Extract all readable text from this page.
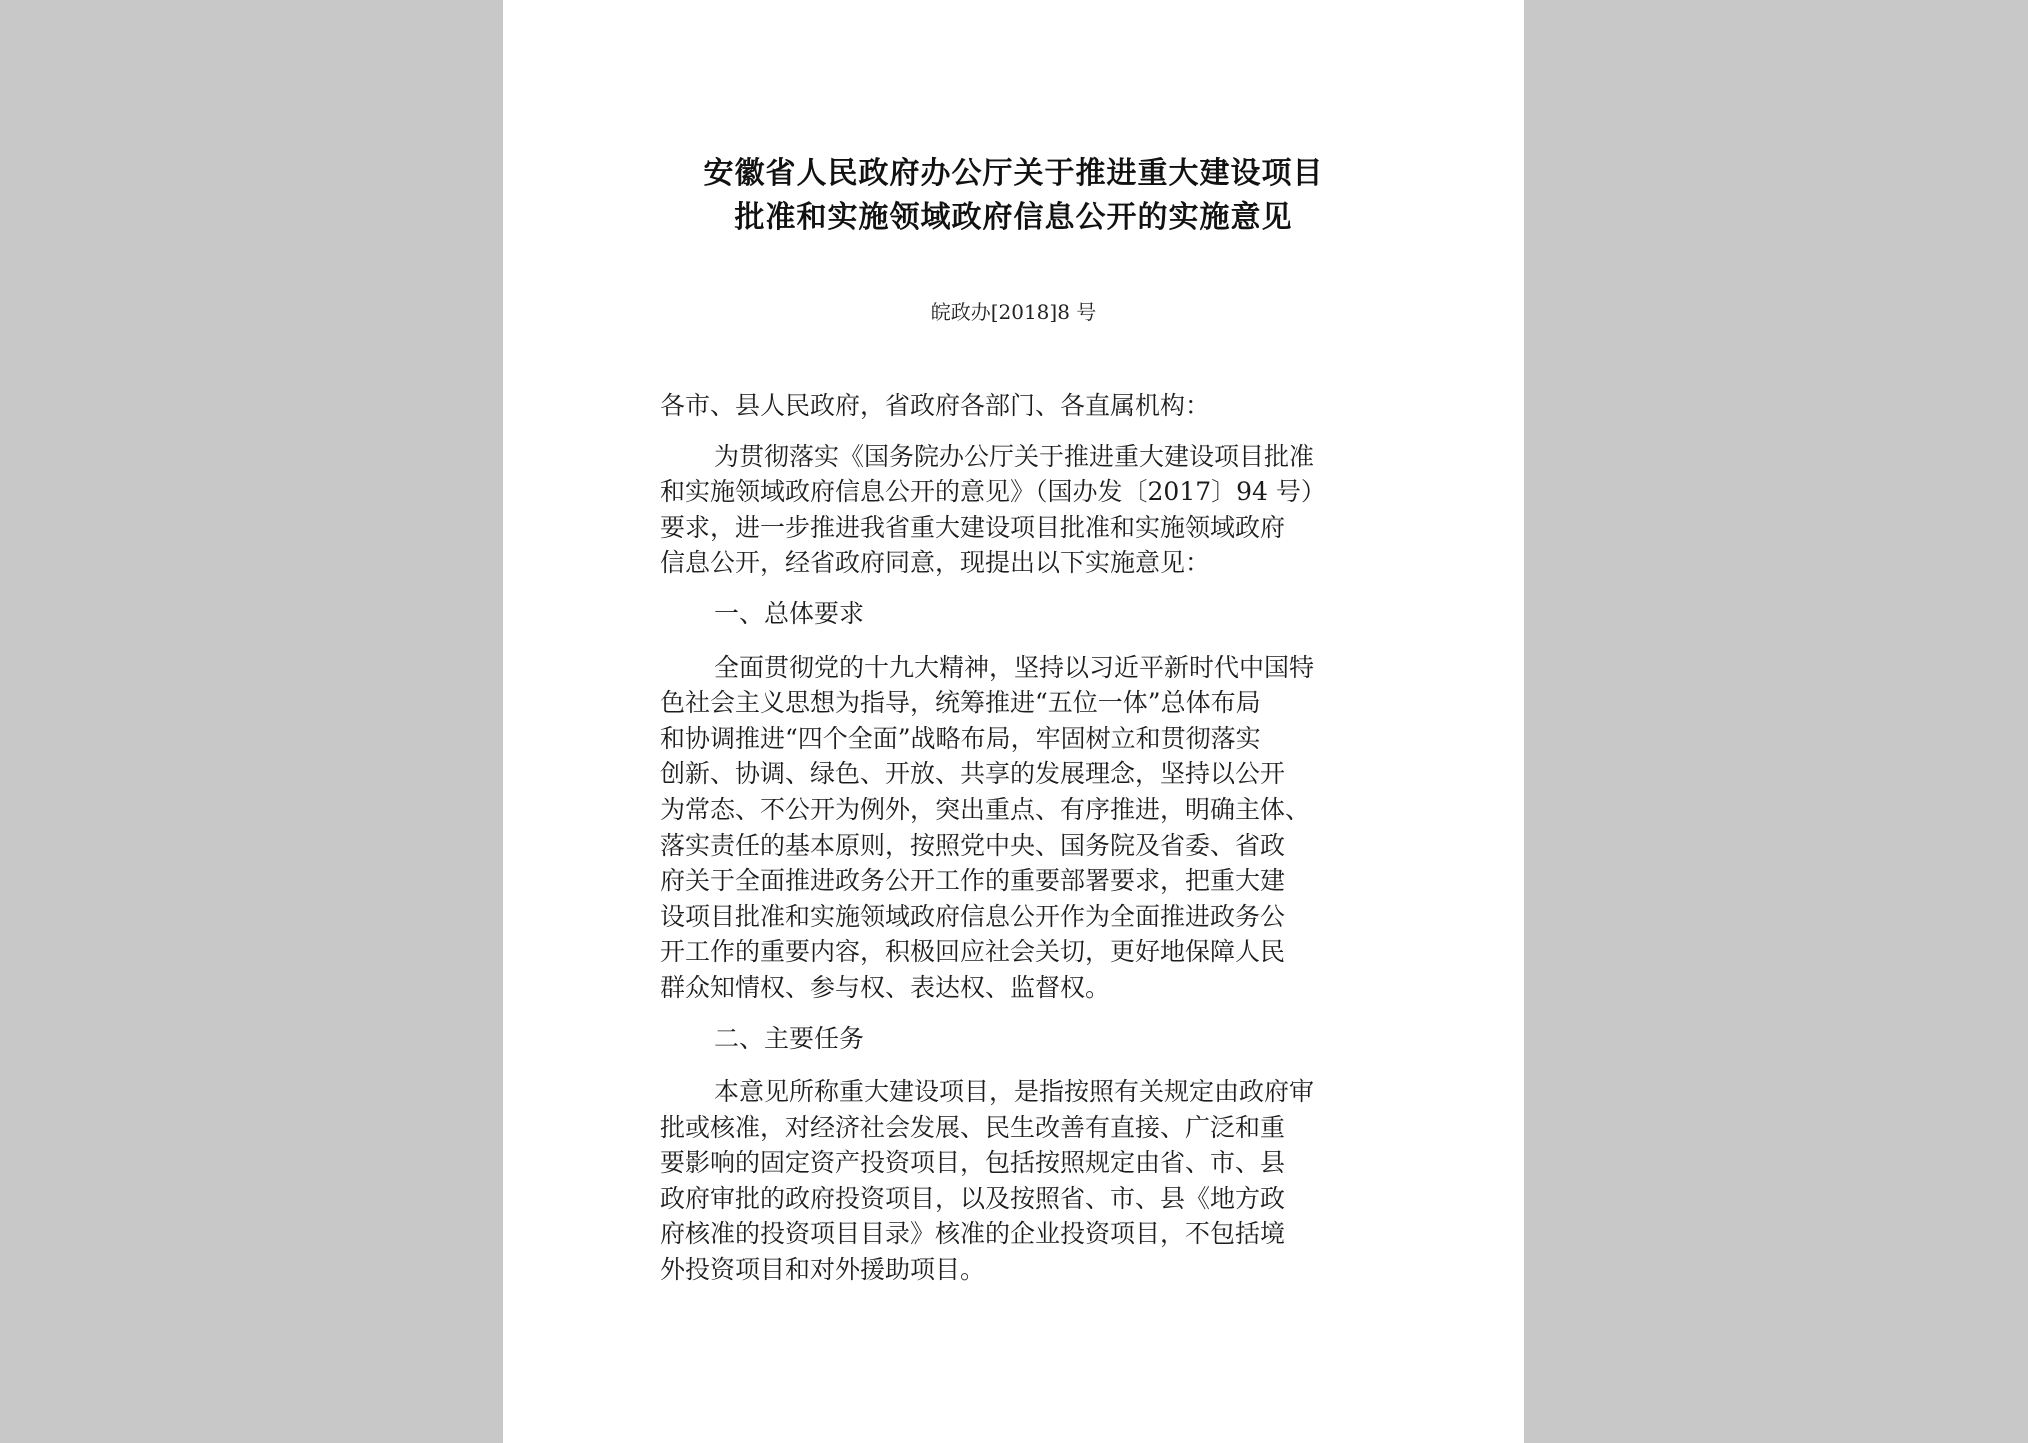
安徽省人民政府办公厅关于推进重大建设项目
批准和实施领域政府信息公开的实施意见
皖政办[2018]8 号
各市、县人民政府，省政府各部门、各直属机构：
为贯彻落实《国务院办公厅关于推进重大建设项目批准
和实施领域政府信息公开的意见》（国办发〔2017〕94 号）
要求，进一步推进我省重大建设项目批准和实施领域政府
信息公开，经省政府同意，现提出以下实施意见：
一、总体要求
全面贯彻党的十九大精神，坚持以习近平新时代中国特
色社会主义思想为指导，统筹推进“五位一体”总体布局
和协调推进“四个全面”战略布局，牢固树立和贯彻落实
创新、协调、绿色、开放、共享的发展理念，坚持以公开
为常态、不公开为例外，突出重点、有序推进，明确主体、
落实责任的基本原则，按照党中央、国务院及省委、省政
府关于全面推进政务公开工作的重要部署要求，把重大建
设项目批准和实施领域政府信息公开作为全面推进政务公
开工作的重要内容，积极回应社会关切，更好地保障人民
群众知情权、参与权、表达权、监督权。
二、主要任务
本意见所称重大建设项目，是指按照有关规定由政府审
批或核准，对经济社会发展、民生改善有直接、广泛和重
要影响的固定资产投资项目，包括按照规定由省、市、县
政府审批的政府投资项目，以及按照省、市、县《地方政
府核准的投资项目目录》核准的企业投资项目，不包括境
外投资项目和对外援助项目。
